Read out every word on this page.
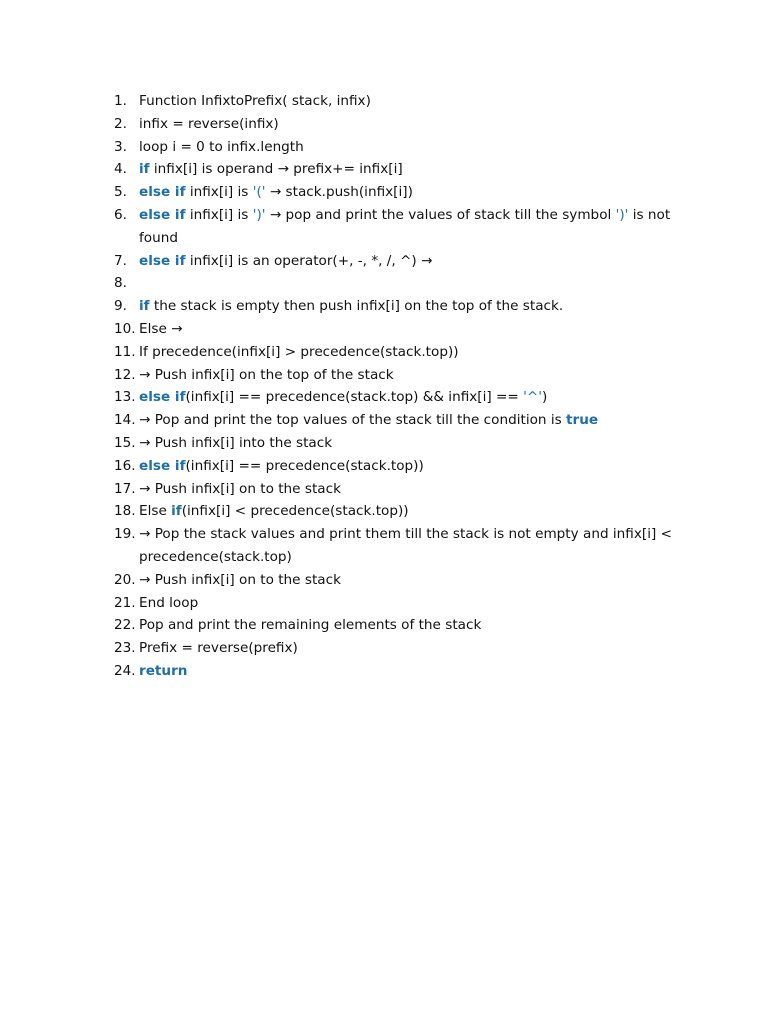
1. Function InfixtoPrefix( stack, infix)
2. infix = reverse(infix)
3. loop i = 0 to infix.length
4. if infix[i] is operand → prefix+= infix[i]
5. else if infix[i] is '(' → stack.push(infix[i])
6. else if infix[i] is ')' → pop and print the values of stack till the symbol ')' is not found
7. else if infix[i] is an operator(+, -, *, /, ^) →
8.
9. if the stack is empty then push infix[i] on the top of the stack.
10. Else →
11. If precedence(infix[i] > precedence(stack.top))
12. → Push infix[i] on the top of the stack
13. else if(infix[i] == precedence(stack.top) && infix[i] == '^')
14. → Pop and print the top values of the stack till the condition is true
15. → Push infix[i] into the stack
16. else if(infix[i] == precedence(stack.top))
17. → Push infix[i] on to the stack
18. Else if(infix[i] < precedence(stack.top))
19. → Pop the stack values and print them till the stack is not empty and infix[i] < precedence(stack.top)
20. → Push infix[i] on to the stack
21. End loop
22. Pop and print the remaining elements of the stack
23. Prefix = reverse(prefix)
24. return
